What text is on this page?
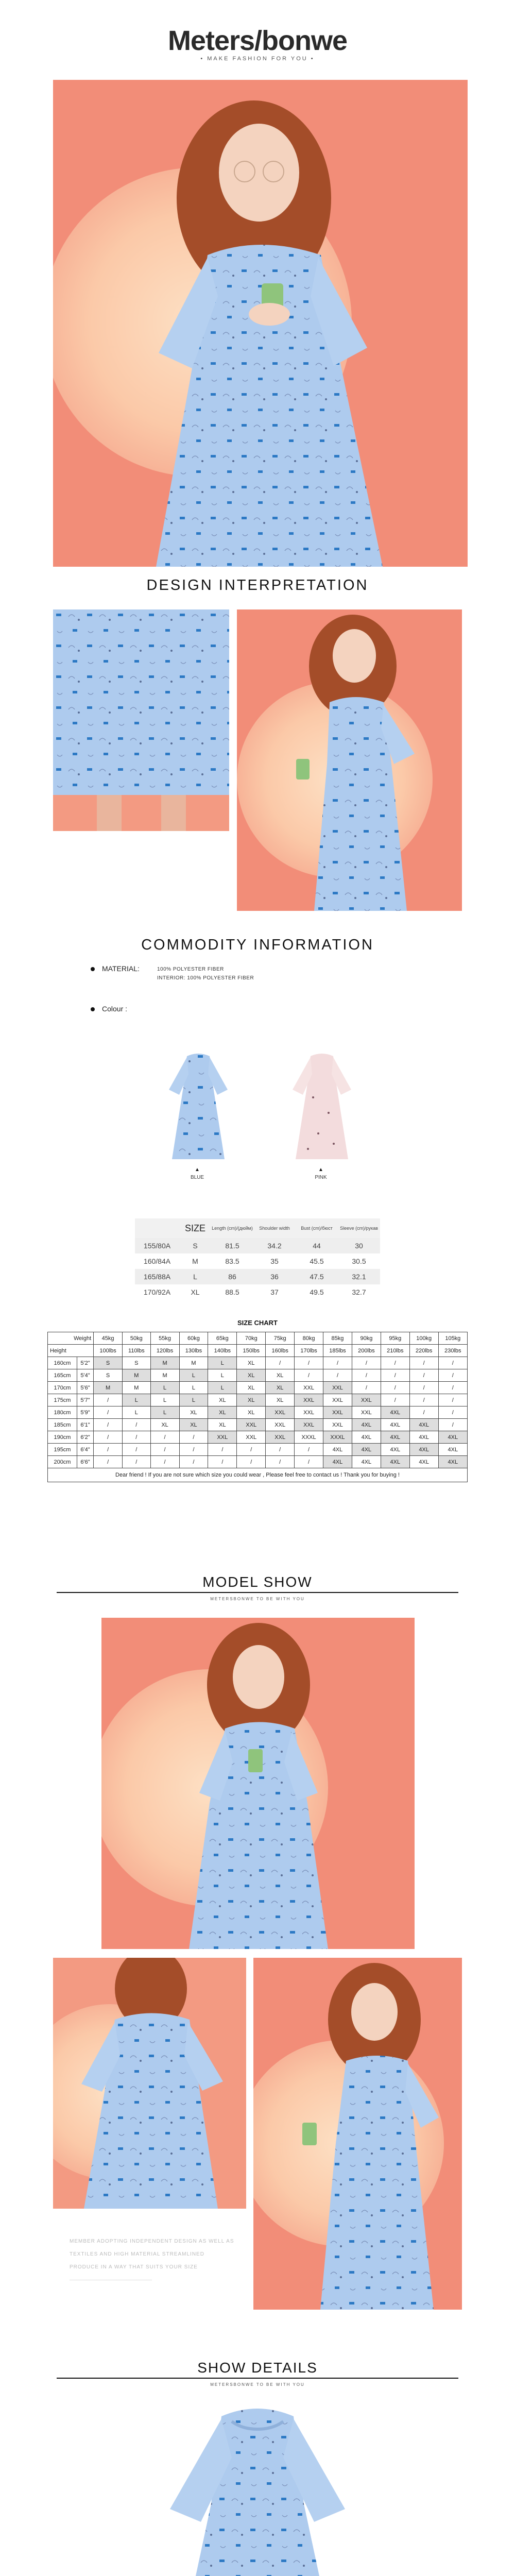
Meters/bonwe
• MAKE FASHION FOR YOU •
DESIGN INTERPRETATION
COMMODITY INFORMATION
MATERIAL:	100% POLYESTER FIBER
INTERIOR: 100% POLYESTER FIBER
Colour :
▲
BLUE
▲
PINK
	SIZE	Length (cm)/(дюйм)	Shoulder width	Bust (cm)/бюст	Sleeve (cm)/рукав
155/80A	S	81.5	34.2	44	30
160/84A	M	83.5	35	45.5	30.5
165/88A	L	86	36	47.5	32.1
170/92A	XL	88.5	37	49.5	32.7
SIZE CHART
Weight		45kg	50kg	55kg	60kg	65kg	70kg	75kg	80kg	85kg	90kg	95kg	100kg	105kg
Height		100lbs	110lbs	120lbs	130lbs	140lbs	150lbs	160lbs	170lbs	185lbs	200lbs	210lbs	220lbs	230lbs
160cm	5'2"	S	S	M	M	L	XL	/	/	/	/	/	/	/
165cm	5'4"	S	M	M	L	L	XL	XL	/	/	/	/	/	/
170cm	5'6"	M	M	L	L	L	XL	XL	XXL	XXL	/	/	/	/
175cm	5'7"	/	L	L	L	XL	XL	XL	XXL	XXL	XXL	/	/	/
180cm	5'9"	/	L	L	XL	XL	XL	XXL	XXL	XXL	XXL	4XL	/	/
185cm	6'1"	/	/	XL	XL	XL	XXL	XXL	XXL	XXL	4XL	4XL	4XL	/
190cm	6'2"	/	/	/	/	XXL	XXL	XXL	XXXL	XXXL	4XL	4XL	4XL	4XL
195cm	6'4"	/	/	/	/	/	/	/	/	4XL	4XL	4XL	4XL	4XL
200cm	6'6"	/	/	/	/	/	/	/	/	4XL	4XL	4XL	4XL	4XL
Dear friend ! If you are not sure which size you could wear , Please feel free to contact us ! Thank you for buying !														
MODEL SHOW
METERSBONWE TO BE WITH YOU
MEMBER ADOPTING INDEPENDENT DESIGN AS WELL AS
TEXTILES AND HIGH MATERIAL STREAMLINED
PRODUCE IN A WAY THAT SUITS YOUR SIZE
SHOW DETAILS
METERSBONWE TO BE WITH YOU
